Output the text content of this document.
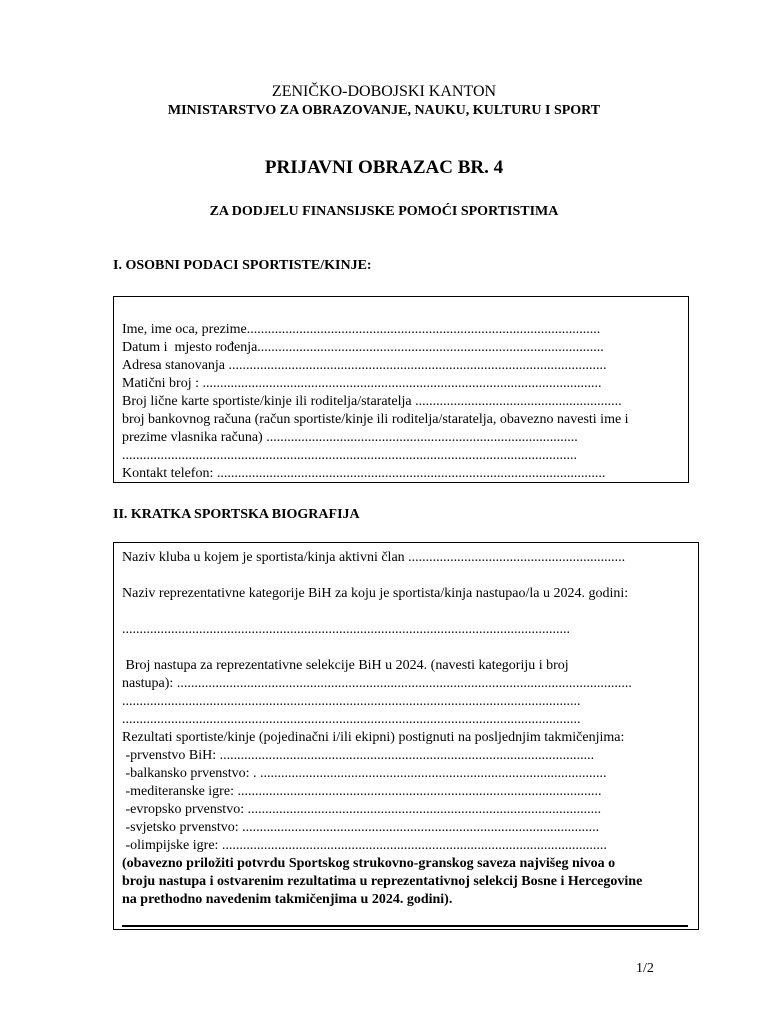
ZENIČKO-DOBOJSKI KANTON
MINISTARSTVO ZA OBRAZOVANJE, NAUKU, KULTURU I SPORT
PRIJAVNI OBRAZAC BR. 4
ZA DODJELU FINANSIJSKE POMOĆI SPORTISTIMA
I. OSOBNI PODACI SPORTISTE/KINJE:
Ime, ime oca, prezime.....................................................................................................
Datum i  mjesto rođenja...................................................................................................
Adresa stanovanja ............................................................................................................
Matični broj : ..................................................................................................................
Broj lične karte sportiste/kinje ili roditelja/staratelja ...........................................................
broj bankovnog računa (račun sportiste/kinje ili roditelja/staratelja, obavezno navesti ime i
prezime vlasnika računa) .........................................................................................
..................................................................................................................................
Kontakt telefon: ...............................................................................................................
II. KRATKA SPORTSKA BIOGRAFIJA
Naziv kluba u kojem je sportista/kinja aktivni član ..............................................................
Naziv reprezentativne kategorije BiH za koju je sportista/kinja nastupao/la u 2024. godini:
................................................................................................................................
Broj nastupa za reprezentativne selekcije BiH u 2024. (navesti kategoriju i broj
nastupa): ..................................................................................................................................
...................................................................................................................................
...................................................................................................................................
Rezultati sportiste/kinje (pojedinačni i/ili ekipni) postignuti na posljednjim takmičenjima:
-prvenstvo BiH: ...........................................................................................................
-balkansko prvenstvo: . ...................................................................................................
-mediteranske igre: ........................................................................................................
-evropsko prvenstvo: .....................................................................................................
-svjetsko prvenstvo: ......................................................................................................
-olimpijske igre: ..............................................................................................................
(obavezno priložiti potvrdu Sportskog strukovno-granskog saveza najvišeg nivoa o
broju nastupa i ostvarenim rezultatima u reprezentativnoj selekcij Bosne i Hercegovine
na prethodno navedenim takmičenjima u 2024. godini).
1/2
